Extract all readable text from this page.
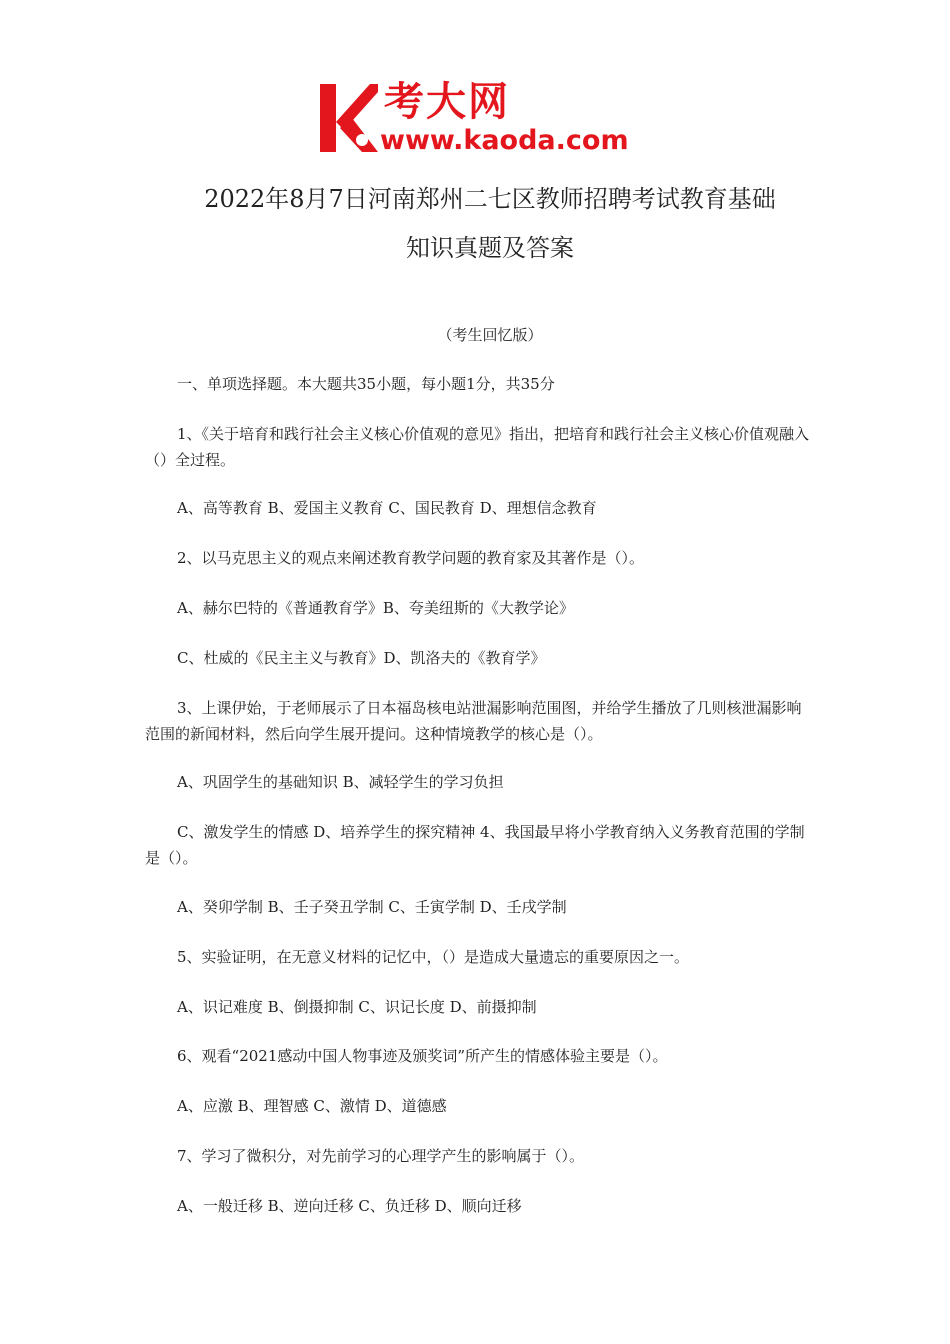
考大网
www.kaoda.com
2022年8月7日河南郑州二七区教师招聘考试教育基础
知识真题及答案
（考生回忆版）
一、单项选择题。本大题共35小题，每小题1分，共35分
1、《关于培育和践行社会主义核心价值观的意见》指出，把培育和践行社会主义核心价值观融入（）全过程。
A、高等教育 B、爱国主义教育 C、国民教育 D、理想信念教育
2、以马克思主义的观点来阐述教育教学问题的教育家及其著作是（）。
A、赫尔巴特的《普通教育学》B、夸美纽斯的《大教学论》
C、杜威的《民主主义与教育》D、凯洛夫的《教育学》
3、上课伊始，于老师展示了日本福岛核电站泄漏影响范围图，并给学生播放了几则核泄漏影响范围的新闻材料，然后向学生展开提问。这种情境教学的核心是（）。
A、巩固学生的基础知识 B、减轻学生的学习负担
C、激发学生的情感 D、培养学生的探究精神 4、我国最早将小学教育纳入义务教育范围的学制是（）。
A、癸卯学制 B、壬子癸丑学制 C、壬寅学制 D、壬戌学制
5、实验证明，在无意义材料的记忆中，（）是造成大量遗忘的重要原因之一。
A、识记难度 B、倒摄抑制 C、识记长度 D、前摄抑制
6、观看“2021感动中国人物事迹及颁奖词”所产生的情感体验主要是（）。
A、应激 B、理智感 C、激情 D、道德感
7、学习了微积分，对先前学习的心理学产生的影响属于（）。
A、一般迁移 B、逆向迁移 C、负迁移 D、顺向迁移
